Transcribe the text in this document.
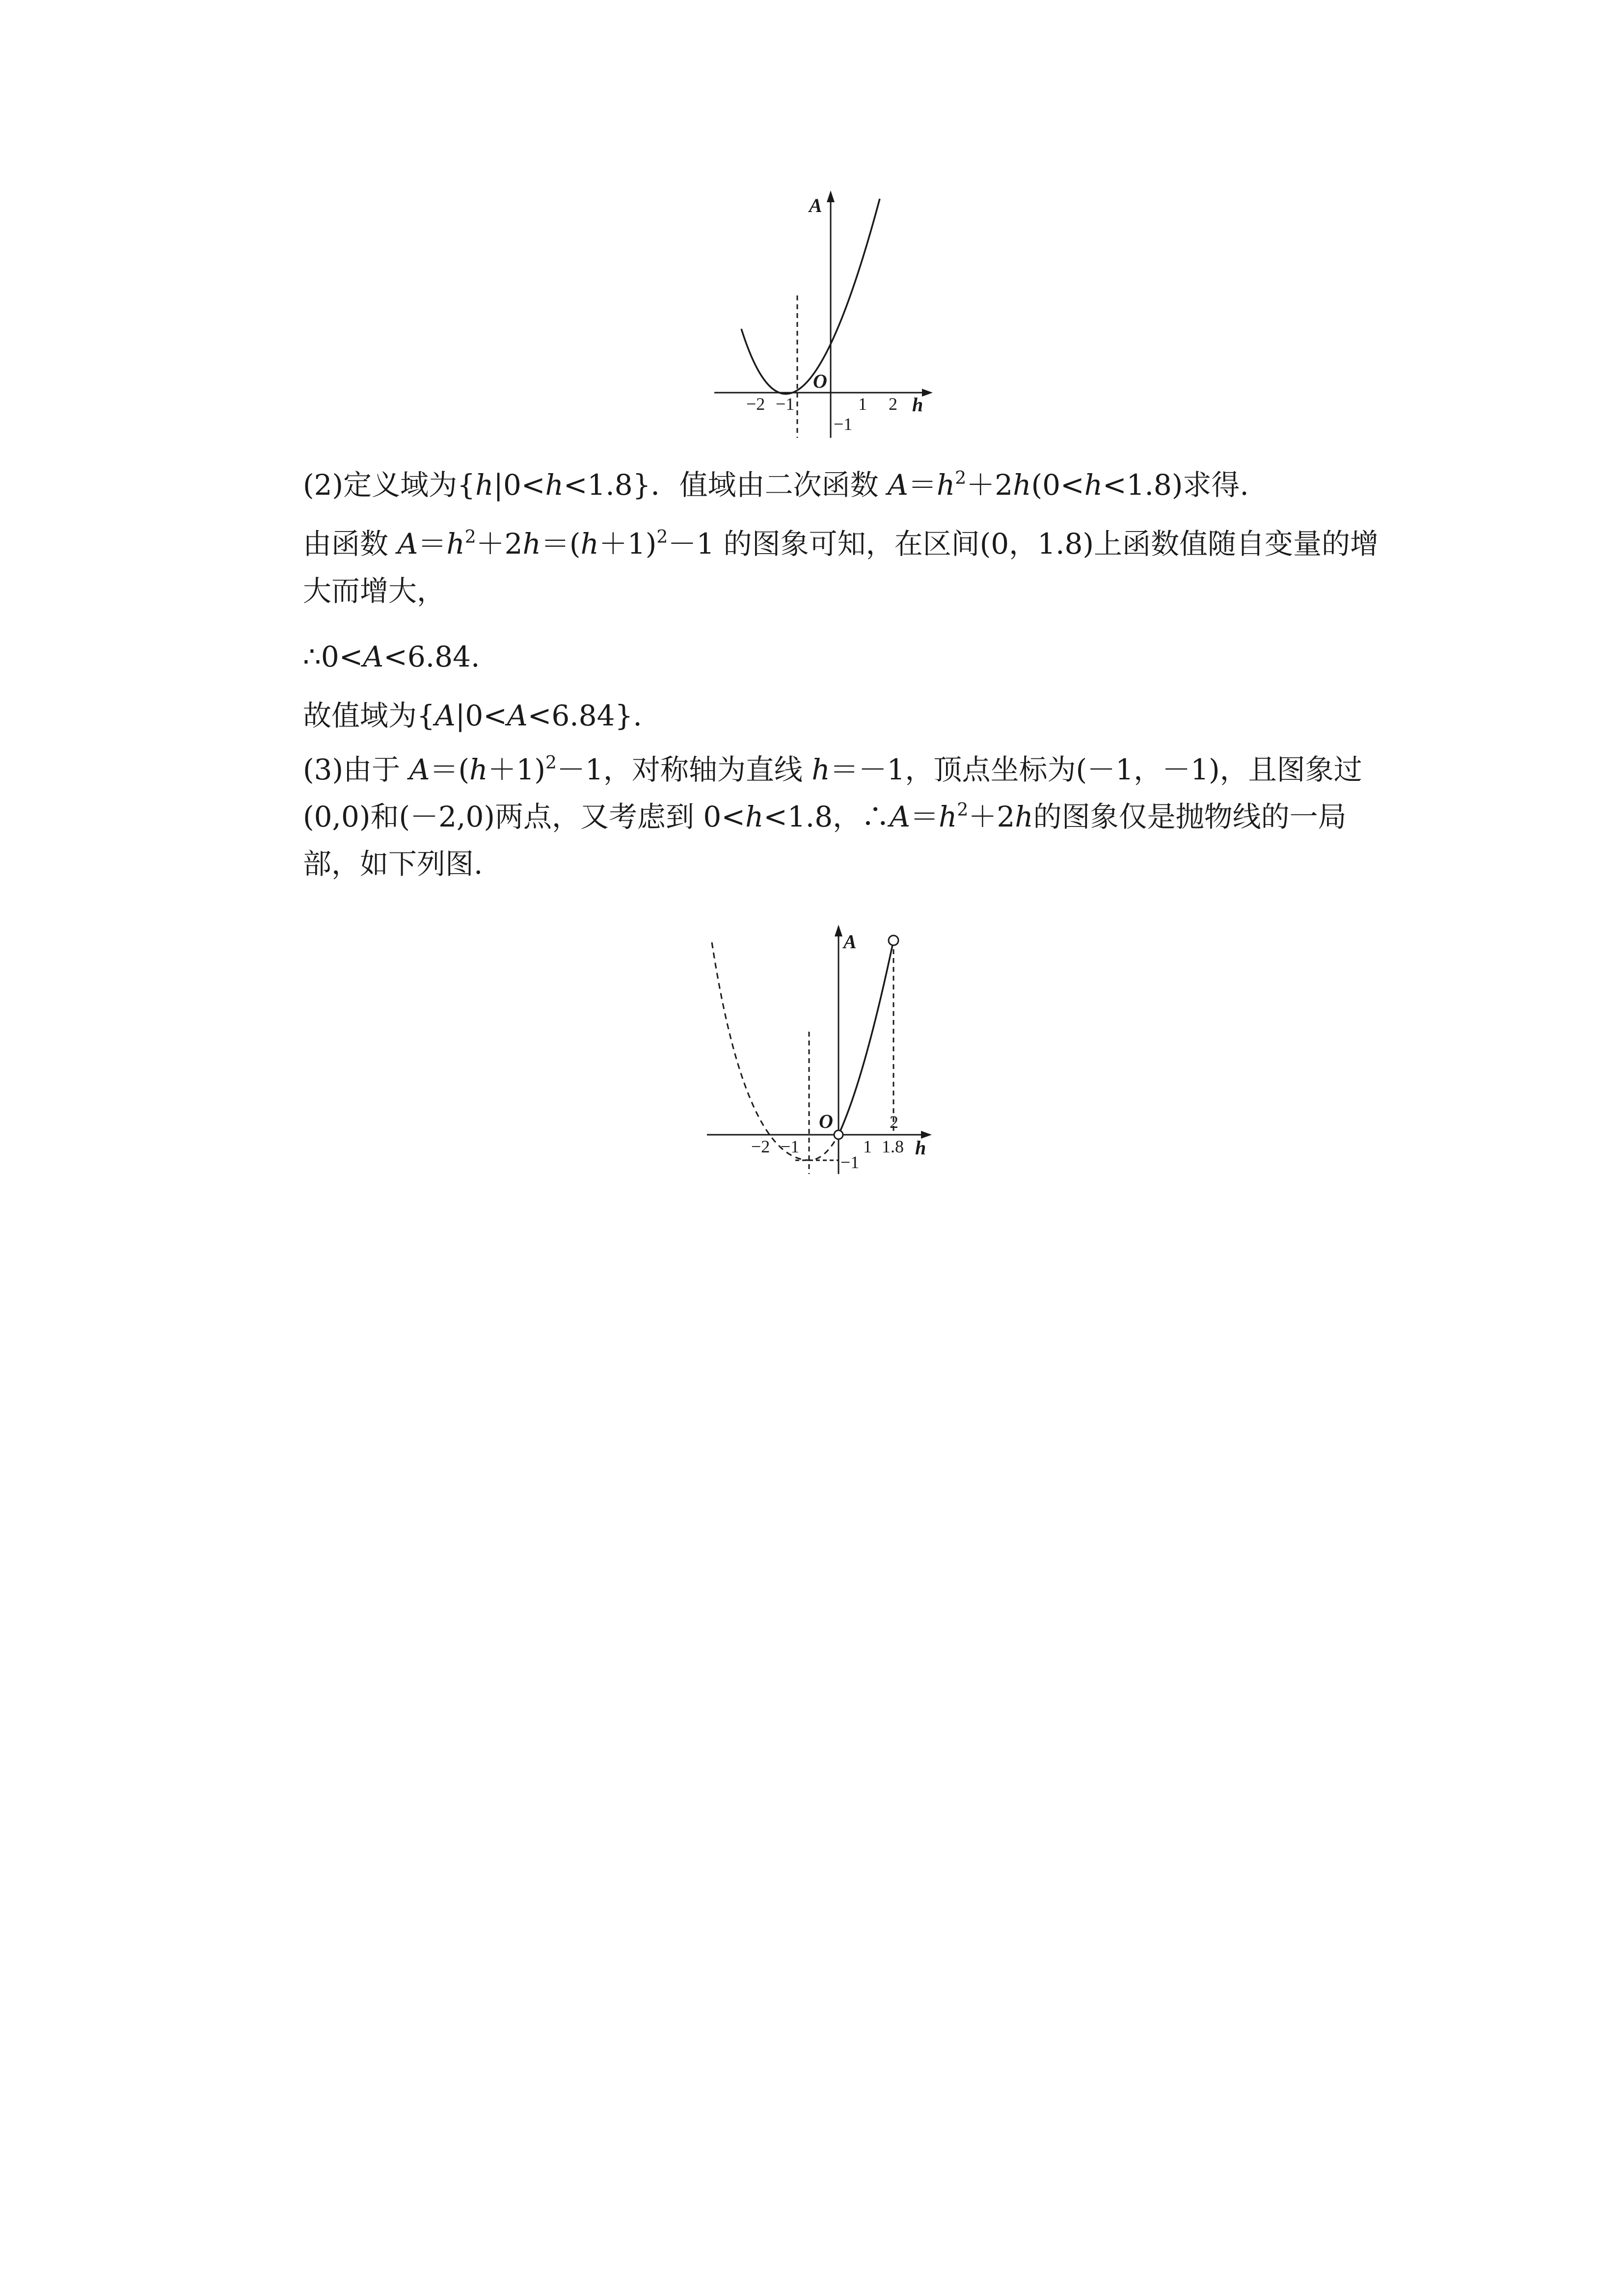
A
h
O
−2 −1	1 2
−1

(2)定义域为{h|0<h<1.8}．值域由二次函数 $A=h^2+2h(0<h<1.8)$求得.

由函数 $A=h^2+2h=(h+1)^2-1$ 的图象可知，在区间(0，1.8)上函数值随自变量的增大而增大，

∴0<A<6.84.

故值域为{A|0<A<6.84}.

(3)由于 $A=(h+1)^2-1$，对称轴为直线 h＝－1，顶点坐标为(－1，－1)，且图象过(0,0)和(－2,0)两点，又考虑到 0<h<1.8，$\therefore A=h^2+2h$的图象仅是抛物线的一局部，如下列图.

A
h
O	2
−2 −1	1 1.8
−1
